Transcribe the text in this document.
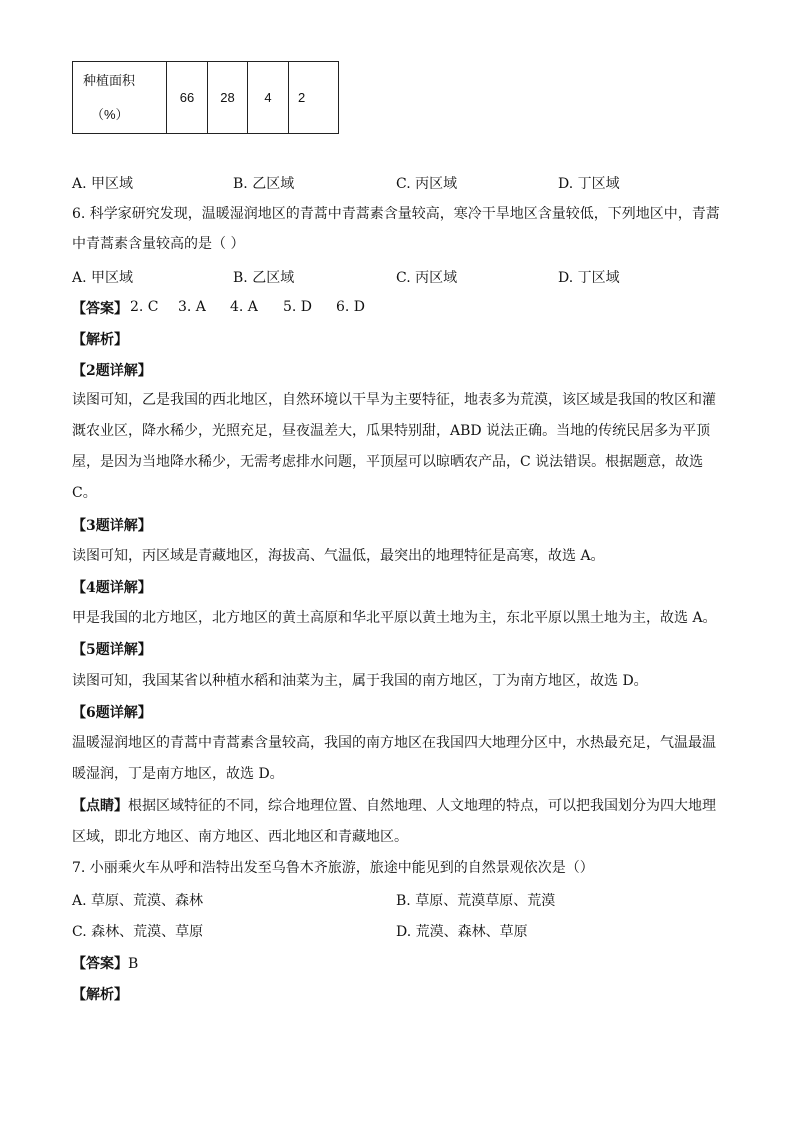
种植面积
（%）
	66	28	4	2
A. 甲区域	B. 乙区域	C. 丙区域	D. 丁区域
6. 科学家研究发现，温暖湿润地区的青蒿中青蒿素含量较高，寒冷干旱地区含量较低，下列地区中，青蒿
中青蒿素含量较高的是（ ）
A. 甲区域	B. 乙区域	C. 丙区域	D. 丁区域
【答案】 2. C 3. A 4. A 5. D 6. D
【解析】
【2题详解】
读图可知，乙是我国的西北地区，自然环境以干旱为主要特征，地表多为荒漠，该区域是我国的牧区和灌
溉农业区，降水稀少，光照充足，昼夜温差大，瓜果特别甜，ABD 说法正确。当地的传统民居多为平顶
屋，是因为当地降水稀少，无需考虑排水问题，平顶屋可以晾晒农产品，C 说法错误。根据题意，故选
C。
【3题详解】
读图可知，丙区域是青藏地区，海拔高、气温低，最突出的地理特征是高寒，故选 A。
【4题详解】
甲是我国的北方地区，北方地区的黄土高原和华北平原以黄土地为主，东北平原以黑土地为主，故选 A。
【5题详解】
读图可知，我国某省以种植水稻和油菜为主，属于我国的南方地区，丁为南方地区，故选 D。
【6题详解】
温暖湿润地区的青蒿中青蒿素含量较高，我国的南方地区在我国四大地理分区中，水热最充足，气温最温
暖湿润，丁是南方地区，故选 D。
【点睛】根据区域特征的不同，综合地理位置、自然地理、人文地理的特点，可以把我国划分为四大地理
区域，即北方地区、南方地区、西北地区和青藏地区。
7. 小丽乘火车从呼和浩特出发至乌鲁木齐旅游，旅途中能见到的自然景观依次是（）
A. 草原、荒漠、森林	B. 草原、荒漠草原、荒漠
C. 森林、荒漠、草原	D. 荒漠、森林、草原
【答案】B
【解析】
